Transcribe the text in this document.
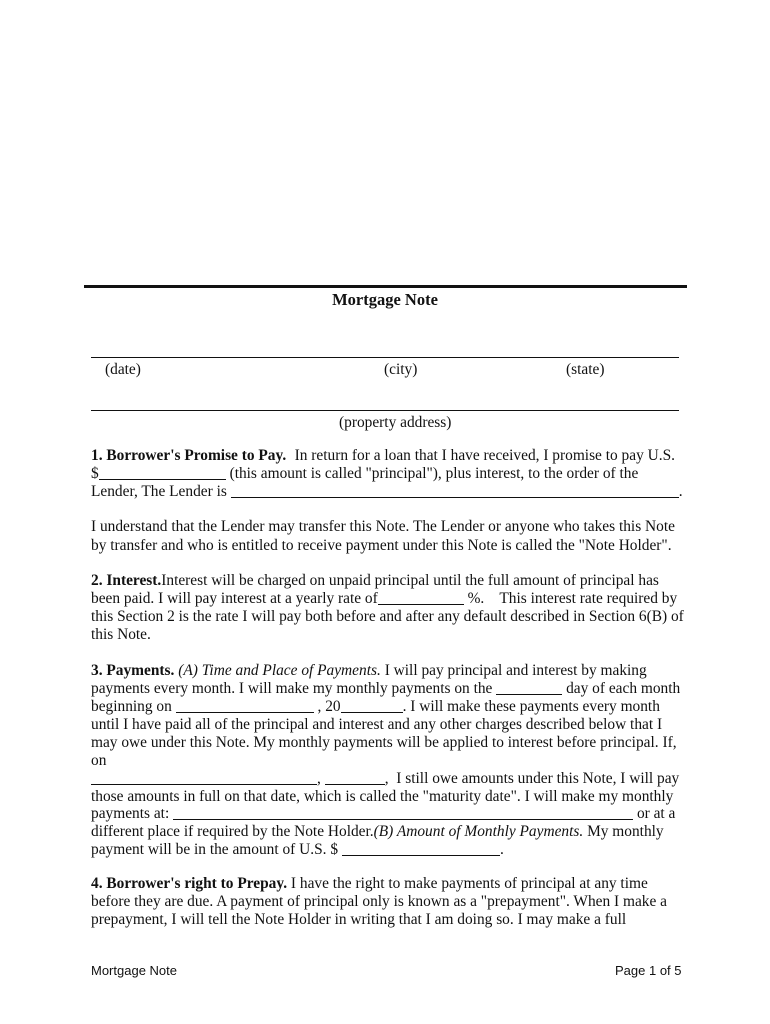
Mortgage Note
(date)	(city)	(state)
(property address)
1. Borrower's Promise to Pay. In return for a loan that I have received, I promise to pay U.S.
$	(this amount is called "principal"), plus interest, to the order of the
Lender, The Lender is	.
I understand that the Lender may transfer this Note. The Lender or anyone who takes this Note
by transfer and who is entitled to receive payment under this Note is called the "Note Holder".
2. Interest. Interest will be charged on unpaid principal until the full amount of principal has
been paid. I will pay interest at a yearly rate of	%. This interest rate required by
this Section 2 is the rate I will pay both before and after any default described in Section 6(B) of
this Note.
3. Payments. (A) Time and Place of Payments. I will pay principal and interest by making
payments every month. I will make my monthly payments on the	day of each month
beginning on	, 20	. I will make these payments every month
until I have paid all of the principal and interest and any other charges described below that I
may owe under this Note. My monthly payments will be applied to interest before principal. If,
on
,	, I still owe amounts under this Note, I will pay
those amounts in full on that date, which is called the "maturity date". I will make my monthly
payments at:	or at a
different place if required by the Note Holder.(B) Amount of Monthly Payments. My monthly
payment will be in the amount of U.S. $	.
4. Borrower's right to Prepay. I have the right to make payments of principal at any time
before they are due. A payment of principal only is known as a "prepayment". When I make a
prepayment, I will tell the Note Holder in writing that I am doing so. I may make a full
Mortgage Note	Page 1 of 5
